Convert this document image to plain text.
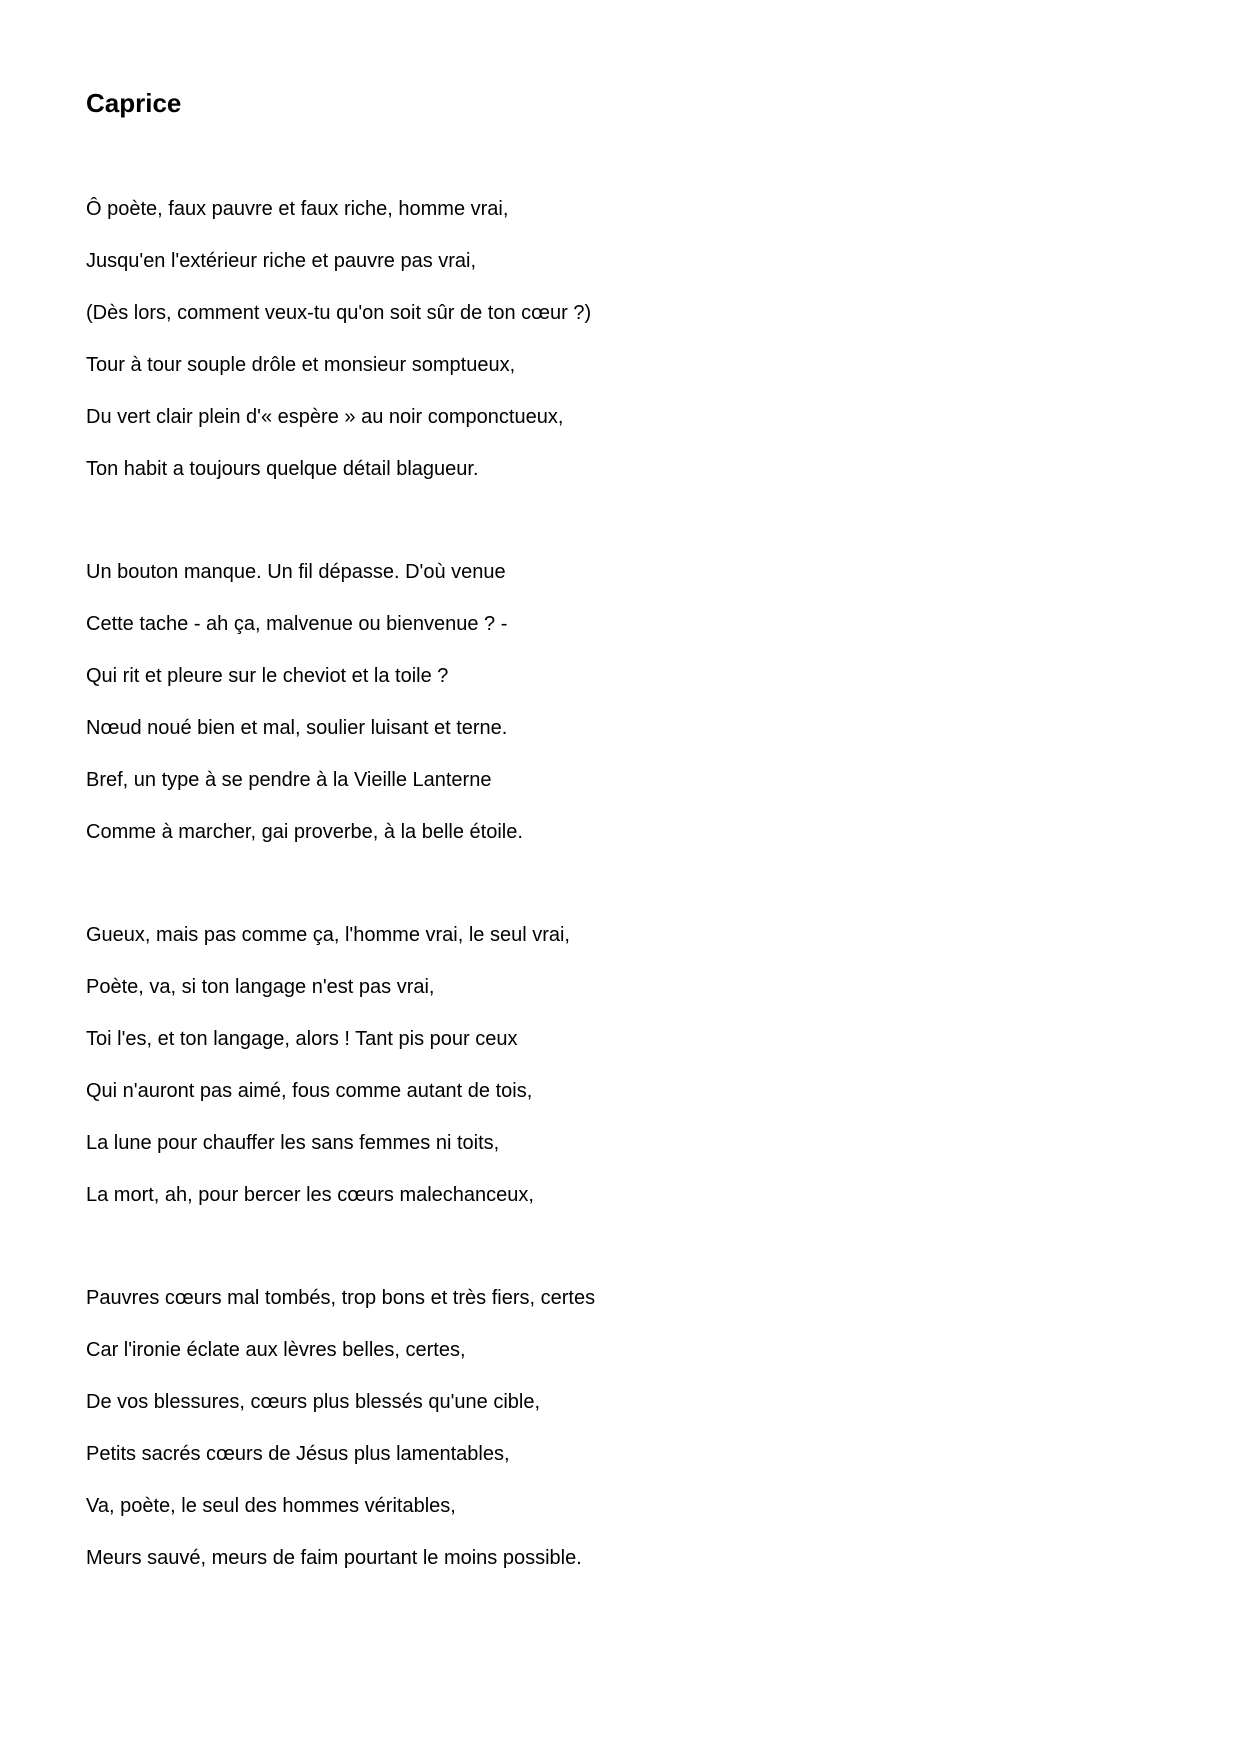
Caprice
Ô poète, faux pauvre et faux riche, homme vrai,
Jusqu'en l'extérieur riche et pauvre pas vrai,
(Dès lors, comment veux-tu qu'on soit sûr de ton cœur ?)
Tour à tour souple drôle et monsieur somptueux,
Du vert clair plein d'« espère » au noir componctueux,
Ton habit a toujours quelque détail blagueur.
Un bouton manque. Un fil dépasse. D'où venue
Cette tache - ah ça, malvenue ou bienvenue ? -
Qui rit et pleure sur le cheviot et la toile ?
Nœud noué bien et mal, soulier luisant et terne.
Bref, un type à se pendre à la Vieille Lanterne
Comme à marcher, gai proverbe, à la belle étoile.
Gueux, mais pas comme ça, l'homme vrai, le seul vrai,
Poète, va, si ton langage n'est pas vrai,
Toi l'es, et ton langage, alors ! Tant pis pour ceux
Qui n'auront pas aimé, fous comme autant de tois,
La lune pour chauffer les sans femmes ni toits,
La mort, ah, pour bercer les cœurs malechanceux,
Pauvres cœurs mal tombés, trop bons et très fiers, certes
Car l'ironie éclate aux lèvres belles, certes,
De vos blessures, cœurs plus blessés qu'une cible,
Petits sacrés cœurs de Jésus plus lamentables,
Va, poète, le seul des hommes véritables,
Meurs sauvé, meurs de faim pourtant le moins possible.
